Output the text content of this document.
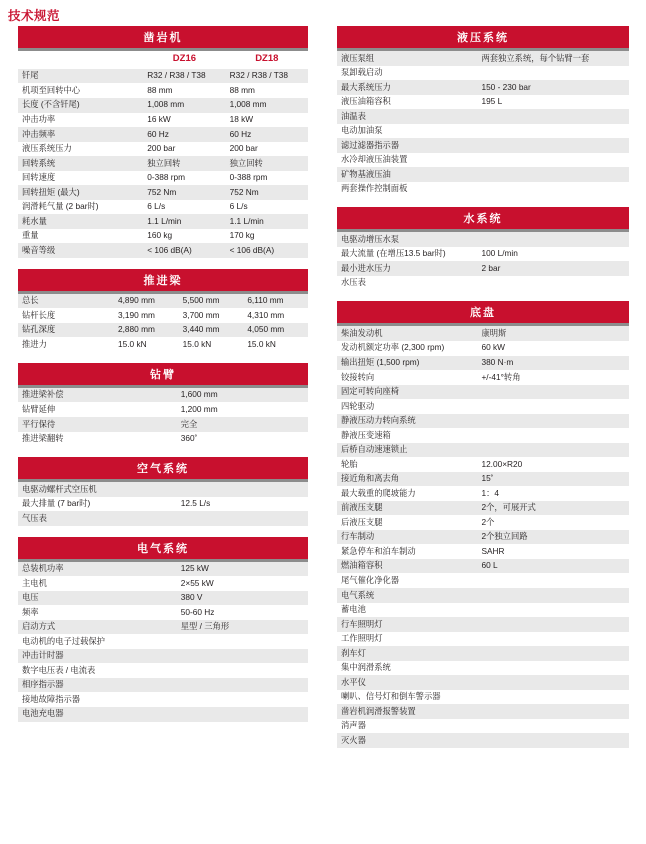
技术规范
凿岩机
	DZ16	DZ18
钎尾	R32 / R38 / T38	R32 / R38 / T38
机项至回转中心	88 mm	88 mm
长度 (不含钎尾)	1,008 mm	1,008 mm
冲击功率	16 kW	18 kW
冲击频率	60 Hz	60 Hz
液压系统压力	200 bar	200 bar
回转系统	独立回转	独立回转
回转速度	0-388 rpm	0-388 rpm
回转扭矩 (最大)	752 Nm	752 Nm
润滑耗气量 (2 bar时)	6 L/s	6 L/s
耗水量	1.1 L/min	1.1 L/min
重量	160 kg	170 kg
噪音等级	< 106 dB(A)	< 106 dB(A)
推进梁
总长	4,890 mm	5,500 mm	6,110 mm
钻杆长度	3,190 mm	3,700 mm	4,310 mm
钻孔深度	2,880 mm	3,440 mm	4,050 mm
推进力	15.0 kN	15.0 kN	15.0 kN
钻臂
推进梁补偿	1,600 mm
钻臂延伸	1,200 mm
平行保待	完全
推进梁翻转	360˚
空气系统
电驱动螺杆式空压机	
最大排量 (7 bar时)	12.5 L/s
气压表	
电气系统
总装机功率	125 kW
主电机	2×55 kW
电压	380 V
频率	50-60 Hz
启动方式	星型 / 三角形
电动机的电子过载保护	
冲击计时器	
数字电压表 / 电流表	
相序指示器	
接地故障指示器	
电池充电器	
液压系统
液压泵组	两套独立系统，每个钻臂一套
泵卸载启动	
最大系统压力	150 - 230 bar
液压油箱容积	195 L
油温表	
电动加油泵	
滤过滤器指示器	
水冷却液压油装置	
矿物基液压油	
两套操作控制面板	
水系统
电驱动增压水泵	
最大流量 (在增压13.5 bar时)	100 L/min
最小进水压力	2 bar
水压表	
底盘
柴油发动机	康明斯
发动机额定功率 (2,300 rpm)	60 kW
输出扭矩 (1,500 rpm)	380 N·m
铰接转向	+/-41°转角
固定可转向座椅	
四轮驱动	
静液压动力转向系统	
静液压变速箱	
后桥自动速速锁止	
轮胎	12.00×R20
接近角和离去角	15˚
最大载重的爬坡能力	1：4
前液压支腿	2个，可展开式
后液压支腿	2个
行车制动	2个独立回路
紧急停车和泊车制动	SAHR
燃油箱容积	60 L
尾气催化净化器	
电气系统	
蓄电池	
行车照明灯	
工作照明灯	
刹车灯	
集中润滑系统	
水平仪	
喇叭、信号灯和倒车警示器	
凿岩机润滑报警装置	
消声器	
灭火器	
